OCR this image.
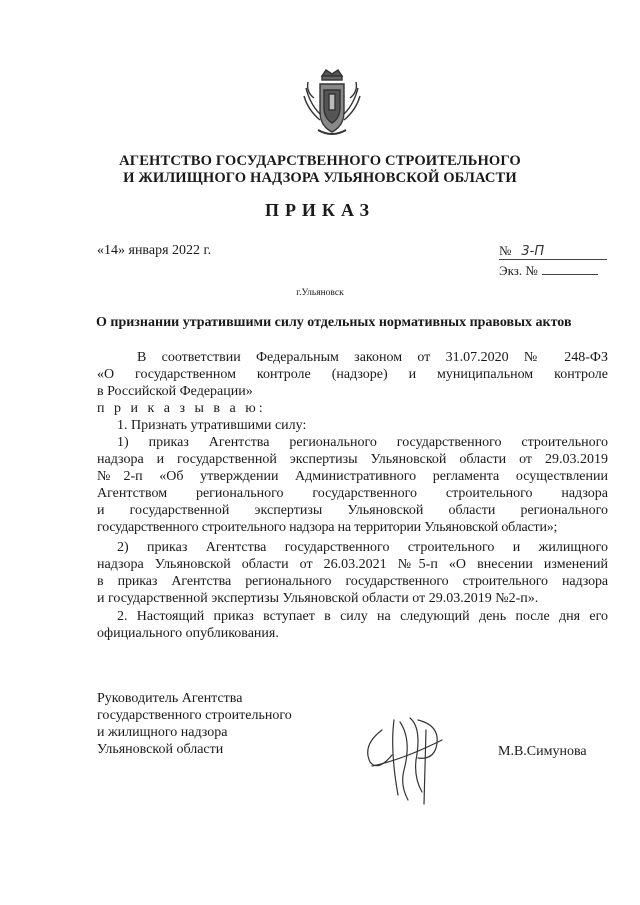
АГЕНТСТВО ГОСУДАРСТВЕННОГО СТРОИТЕЛЬНОГО
И ЖИЛИЩНОГО НАДЗОРА УЛЬЯНОВСКОЙ ОБЛАСТИ
ПРИКАЗ
«14» января 2022 г.	№ 3-П
Экз. №
г.Ульяновск
О признании утратившими силу отдельных нормативных правовых актов
В соответствии Федеральным законом от 31.07.2020 № 248-ФЗ
«О государственном контроле (надзоре) и муниципальном контроле
в Российской Федерации»
п р и к а з ы в а ю:
1. Признать утратившими силу:
1) приказ Агентства регионального государственного строительного
надзора и государственной экспертизы Ульяновской области от 29.03.2019
№2-п «Об утверждении Административного регламента осуществлении
Агентством регионального государственного строительного надзора
и государственной экспертизы Ульяновской области регионального
государственного строительного надзора на территории Ульяновской области»;
2) приказ Агентства государственного строительного и жилищного
надзора Ульяновской области от 26.03.2021 №5-п «О внесении изменений
в приказ Агентства регионального государственного строительного надзора
и государственной экспертизы Ульяновской области от 29.03.2019 №2-п».
2. Настоящий приказ вступает в силу на следующий день после дня его
официального опубликования.
Руководитель Агентства
государственного строительного
и жилищного надзора
Ульяновской области	М.В.Симунова
